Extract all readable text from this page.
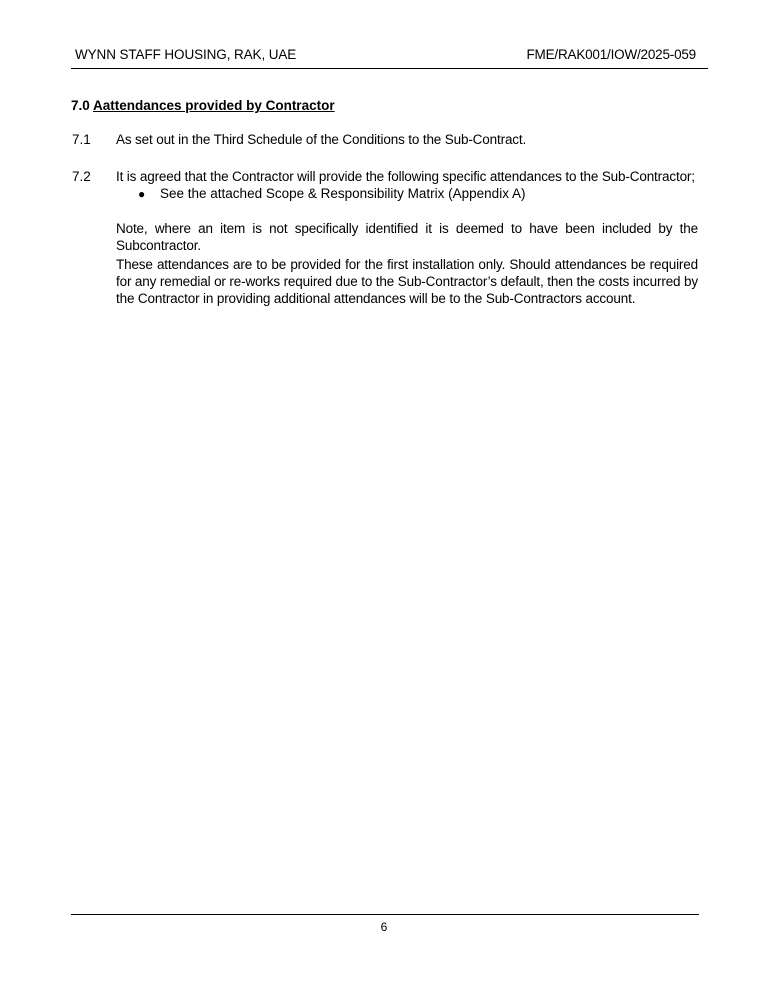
WYNN STAFF HOUSING, RAK, UAE	FME/RAK001/IOW/2025-059
7.0 Aattendances provided by Contractor
7.1 As set out in the Third Schedule of the Conditions to the Sub-Contract.
7.2 It is agreed that the Contractor will provide the following specific attendances to the Sub-Contractor;
● See the attached Scope & Responsibility Matrix (Appendix A)
Note, where an item is not specifically identified it is deemed to have been included by the Subcontractor.
These attendances are to be provided for the first installation only. Should attendances be required for any remedial or re-works required due to the Sub-Contractor’s default, then the costs incurred by the Contractor in providing additional attendances will be to the Sub-Contractors account.
6
